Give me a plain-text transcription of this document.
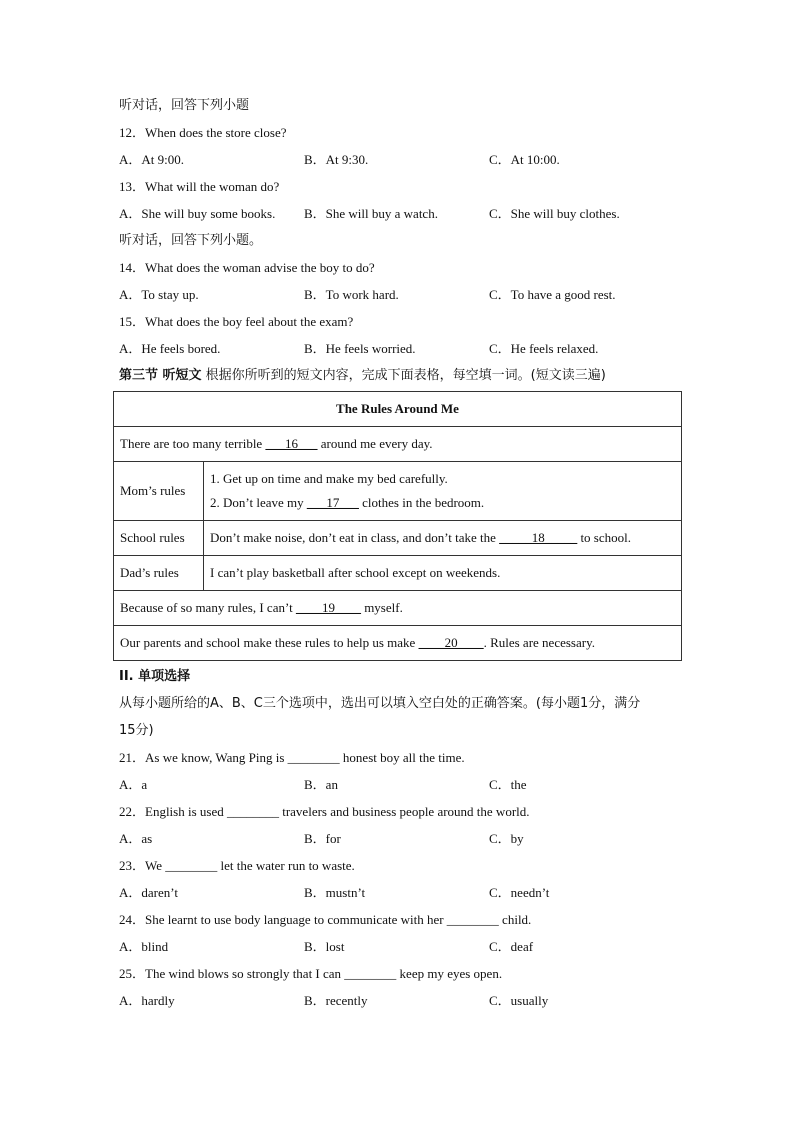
听对话，回答下列小题
12．When does the store close?
A．At 9:00.	B．At 9:30.	C．At 10:00.
13．What will the woman do?
A．She will buy some books.	B．She will buy a watch.	C．She will buy clothes.
听对话，回答下列小题。
14．What does the woman advise the boy to do?
A．To stay up.	B．To work hard.	C．To have a good rest.
15．What does the boy feel about the exam?
A．He feels bored.	B．He feels worried.	C．He feels relaxed.
第三节 听短文 根据你所听到的短文内容，完成下面表格，每空填一词。(短文读三遍)
The Rules Around Me	
There are too many terrible ___16___ around me every day.	
Mom’s rules	1. Get up on time and make my bed carefully.
2. Don’t leave my ___17___ clothes in the bedroom.

School rules	Don’t make noise, don’t eat in class, and don’t take the _____18_____ to school.
Dad’s rules	I can’t play basketball after school except on weekends.
Because of so many rules, I can’t ____19____ myself.	
Our parents and school make these rules to help us make ____20____. Rules are necessary.	
II. 单项选择
从每小题所给的A、B、C三个选项中，选出可以填入空白处的正确答案。(每小题1分，满分
15分)
21．As we know, Wang Ping is ________ honest boy all the time.
A．a	B．an	C．the
22．English is used ________ travelers and business people around the world.
A．as	B．for	C．by
23．We ________ let the water run to waste.
A．daren’t	B．mustn’t	C．needn’t
24．She learnt to use body language to communicate with her ________ child.
A．blind	B．lost	C．deaf
25．The wind blows so strongly that I can ________ keep my eyes open.
A．hardly	B．recently	C．usually
